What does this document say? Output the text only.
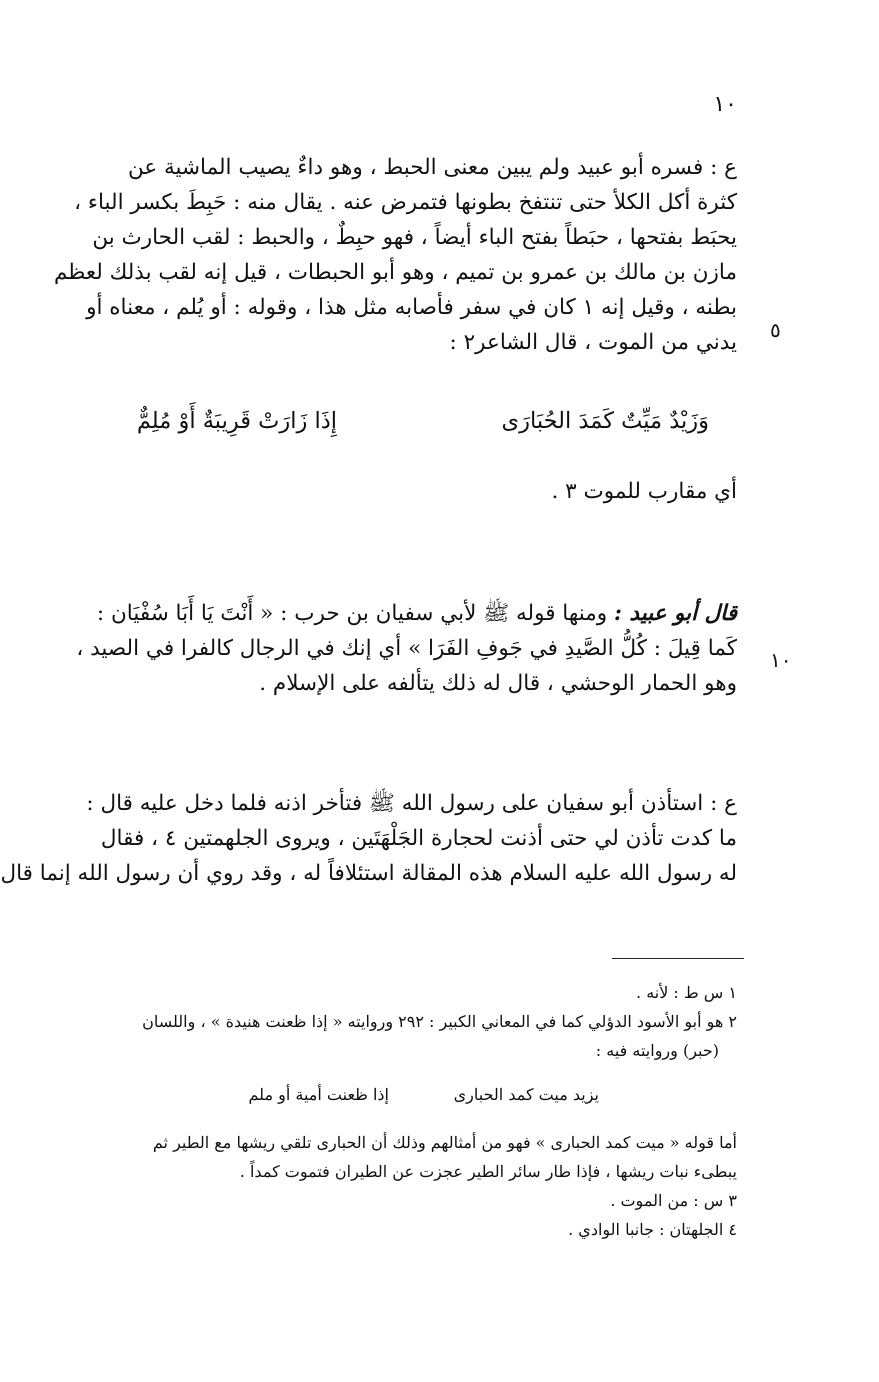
١٠
ع : فسره أبو عبيد ولم يبين معنى الحبط ، وهو داءٌ يصيب الماشية عن
كثرة أكل الكلأ حتى تنتفخ بطونها فتمرض عنه . يقال منه : حَبِطَ بكسر الباء ،
يحبَط بفتحها ، حبَطاً بفتح الباء أيضاً ، فهو حبِطٌ ، والحبط : لقب الحارث بن
مازن بن مالك بن عمرو بن تميم ، وهو أبو الحبطات ، قيل إنه لقب بذلك لعظم
بطنه ، وقيل إنه ١ كان في سفر فأصابه مثل هذا ، وقوله : أو يُلم ، معناه أو
يدني من الموت ، قال الشاعر٢ : ٥
وَزَيْدٌ مَيِّتٌ كَمَدَ الحُبَارَى
إِذَا زَارَتْ قَرِيبَةٌ أَوْ مُلِمٌّ
أي مقارب للموت ٣ .
قال أبو عبيد : ومنها قوله ﷺ لأبي سفيان بن حرب : « أَنْتَ يَا أَبَا سُفْيَان :
كَما قِيلَ : كُلُّ الصَّيدِ في جَوفِ الفَرَا » أي إنك في الرجال كالفرا في الصيد ،
وهو الحمار الوحشي ، قال له ذلك يتألفه على الإسلام .
١٠
ع : استأذن أبو سفيان على رسول الله ﷺ فتأخر اذنه فلما دخل عليه قال :
ما كدت تأذن لي حتى أذنت لحجارة الجَلْهَتَين ، ويروى الجلهمتين ٤ ، فقال
له رسول الله عليه السلام هذه المقالة استئلافاً له ، وقد روي أن رسول الله إنما قال
١ س ط : لأنه .
٢ هو أبو الأسود الدؤلي كما في المعاني الكبير : ٢٩٢ وروايته « إذا ظعنت هنيدة » ، واللسان
(حبر) وروايته فيه :
يزيد ميت كمد الحبارى
إذا ظعنت أمية أو ملم
أما قوله « ميت كمد الحبارى » فهو من أمثالهم وذلك أن الحبارى تلقي ريشها مع الطير ثم
يبطىء نبات ريشها ، فإذا طار سائر الطير عجزت عن الطيران فتموت كمداً .
٣ س : من الموت .
٤ الجلهتان : جانبا الوادي .
